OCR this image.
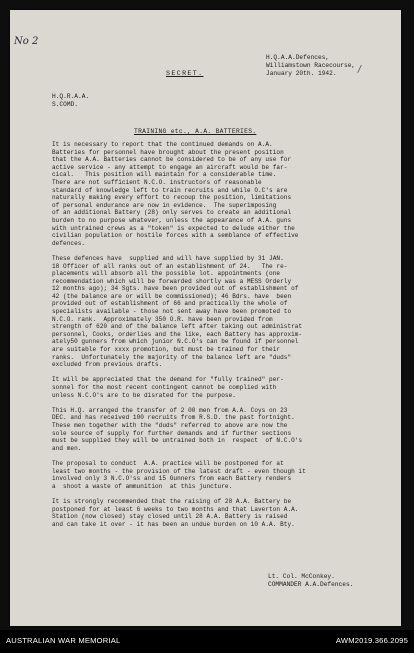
No 2
/
H.Q.A.A.Defences,
Williamstown Racecourse,
January 20th. 1942.
SECRET.
H.Q.R.A.A.
S.COMD.
TRAINING etc., A.A. BATTERIES.

It is necessary to report that the continued demands on A.A.
Batteries for personnel have brought about the present position
that the A.A. Batteries cannot be considered to be of any use for
active service - any attempt to engage an aircraft would be far-
cical.   This position will maintain for a considerable time.
There are not sufficient N.C.O. instructors of reasonable
standard of knowledge left to train recruits and while O.C's are
naturally making every effort to recoup the position, limitations
of personal endurance are now in evidence.  The superimposing
of an additional Battery (28) only serves to create an additional
burden to no purpose whatever, unless the appearance of A.A. guns
with untrained crews as a "token" is expected to delude either the
civilian population or hostile forces with a semblance of effective
defences.

These defences have  supplied and will have supplied by 31 JAN.
18 Officer of all ranks out of an establishment of 24.   The re-
placements will absorb all the possible lot. appointments (one
recommendation which will be forwarded shortly was a MESS Orderly
12 months ago); 34 Sgts. have been provided out of establishment of
42 (the balance are or will be commissioned); 46 Bdrs. have  been
provided out of establishment of 66 and practically the whole of
specialists available - those not sent away have been promoted to
N.C.O. rank.  Approximately 350 O.R. have been provided from
strength of 620 and of the balance left after taking out administrat
personnel, Cooks, orderlies and the like, each Battery has approxim-
ately50 gunners from which junior N.C.O's can be found if personnel
are suitable for xxxx promotion, but must be trained for their
ranks.  Unfortunately the majority of the balance left are "duds"
excluded from previous drafts.

It will be appreciated that the demand for "fully trained" per-
sonnel for the most recent contingent cannot be complied with
unless N.C.O's are to be disrated for the purpose.

This H.Q. arranged the transfer of 2 00 men from A.A. Coys on 23
DEC. and has received 100 recruits from R.S.D. the past fortnight.
These men together with the "duds" referred to above are now the
sole source of supply for further demands and if further sections
must be supplied they will be untrained both in  respect  of N.C.O's
and men.

The proposal to conduct  A.A. practice will be postponed for at
least two months - the provision of the latest draft - even though it
involved only 3 N.C.O'ss and 15 Gunners from each Battery renders
a  shoot a waste of ammunition  at this juncture.

It is strongly recommended that the raising of 28 A.A. Battery be
postponed for at least 6 weeks to two months and that Laverton A.A.
Station (now closed) stay closed until 28 A.A. Battery is raised
and can take it over - it has been an undue burden on 10 A.A. Bty.

Lt. Col. McConkey.
COMMANDER A.A.Defences.
AUSTRALIAN WAR MEMORIAL	AWM2019.366.2095
